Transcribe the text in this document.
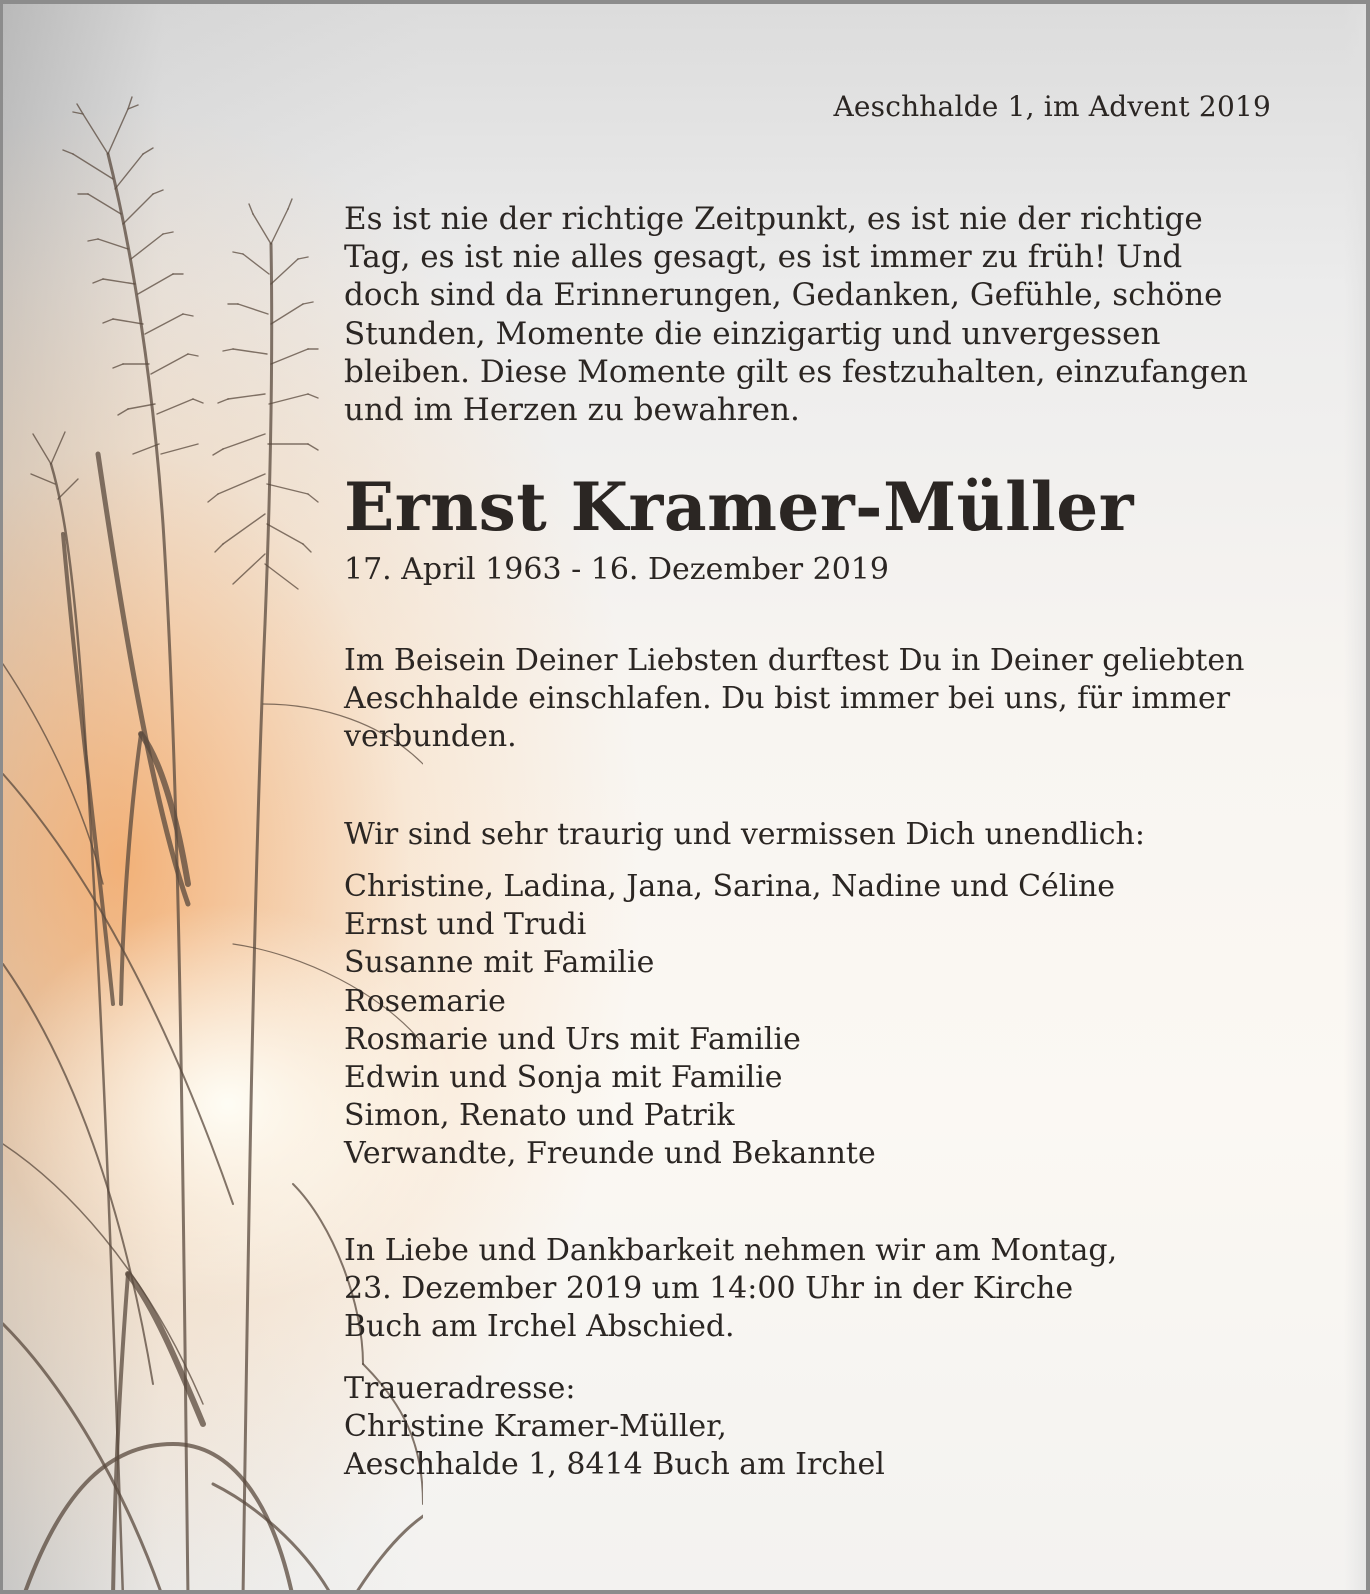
Aeschhalde 1, im Advent 2019
Es ist nie der richtige Zeitpunkt, es ist nie der richtige
Tag, es ist nie alles gesagt, es ist immer zu früh! Und
doch sind da Erinnerungen, Gedanken, Gefühle, schöne
Stunden, Momente die einzigartig und unvergessen
bleiben. Diese Momente gilt es festzuhalten, einzufangen
und im Herzen zu bewahren.
Ernst Kramer-Müller
17. April 1963 - 16. Dezember 2019
Im Beisein Deiner Liebsten durftest Du in Deiner geliebten
Aeschhalde einschlafen. Du bist immer bei uns, für immer
verbunden.
Wir sind sehr traurig und vermissen Dich unendlich:
Christine, Ladina, Jana, Sarina, Nadine und Céline
Ernst und Trudi
Susanne mit Familie
Rosemarie
Rosmarie und Urs mit Familie
Edwin und Sonja mit Familie
Simon, Renato und Patrik
Verwandte, Freunde und Bekannte
In Liebe und Dankbarkeit nehmen wir am Montag,
23. Dezember 2019 um 14:00 Uhr in der Kirche
Buch am Irchel Abschied.
Traueradresse:
Christine Kramer-Müller,
Aeschhalde 1, 8414 Buch am Irchel
